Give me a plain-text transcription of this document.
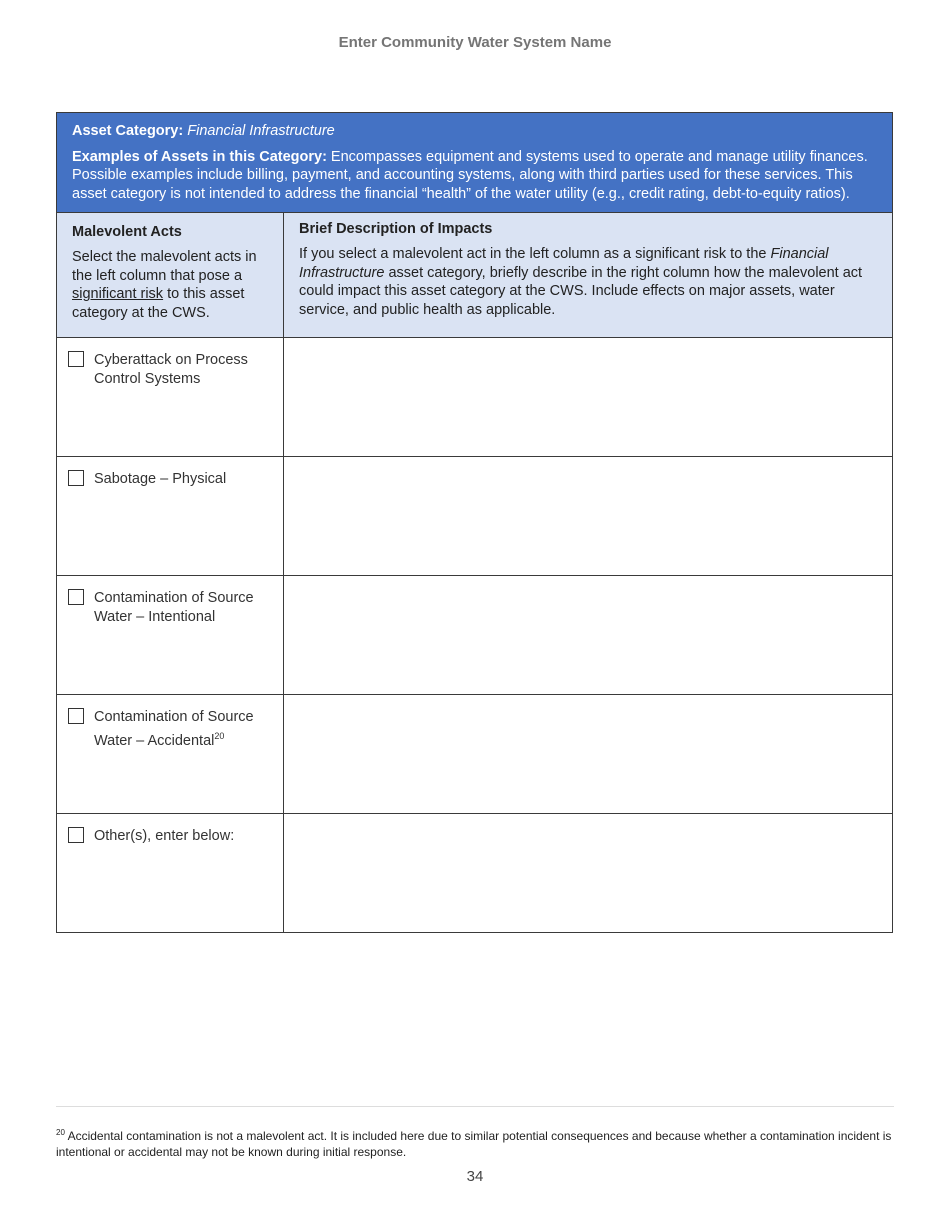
Enter Community Water System Name
Asset Category: Financial Infrastructure
Examples of Assets in this Category: Encompasses equipment and systems used to operate and manage utility finances. Possible examples include billing, payment, and accounting systems, along with third parties used for these services. This asset category is not intended to address the financial “health” of the water utility (e.g., credit rating, debt-to-equity ratios).
Malevolent Acts
Select the malevolent acts in the left column that pose a significant risk to this asset category at the CWS.
Brief Description of Impacts
If you select a malevolent act in the left column as a significant risk to the Financial Infrastructure asset category, briefly describe in the right column how the malevolent act could impact this asset category at the CWS. Include effects on major assets, water service, and public health as applicable.
Cyberattack on Process Control Systems
Sabotage – Physical
Contamination of Source Water – Intentional
Contamination of Source Water – Accidental$^{20}$
Other(s), enter below:
$^{20}$ Accidental contamination is not a malevolent act. It is included here due to similar potential consequences and because whether a contamination incident is intentional or accidental may not be known during initial response.
34
